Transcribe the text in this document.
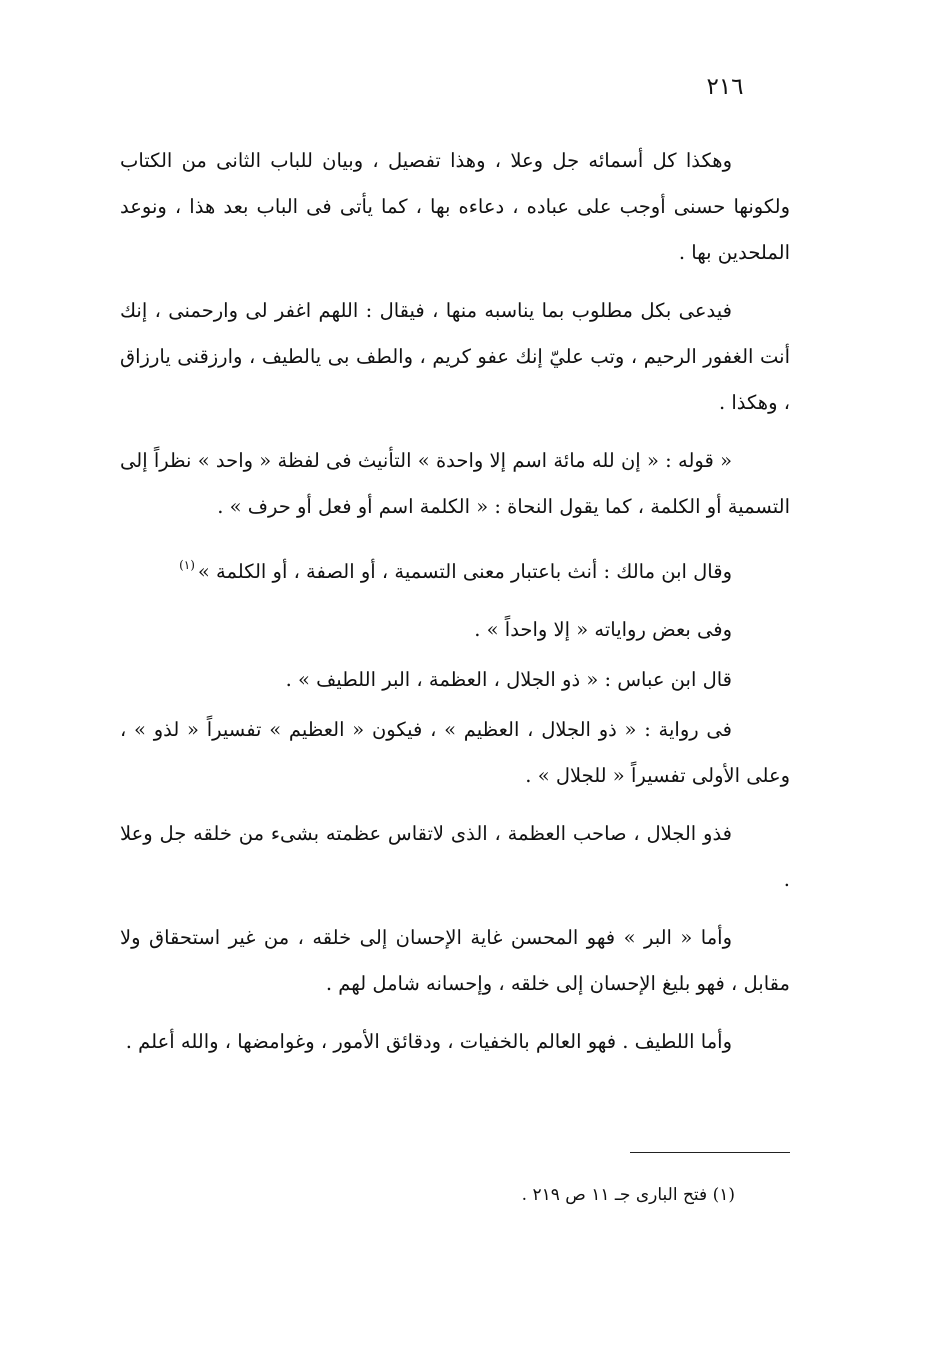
٢١٦

وهكذا كل أسمائه جل وعلا ، وهذا تفصيل ، وبيان للباب الثانى من الكتاب ولكونها حسنى أوجب على عباده ، دعاءه بها ، كما يأتى فى الباب بعد هذا ، ونوعد الملحدين بها .

فيدعى بكل مطلوب بما يناسبه منها ، فيقال : اللهم اغفر لى وارحمنى ، إنك أنت الغفور الرحيم ، وتب عليّ إنك عفو كريم ، والطف بى يالطيف ، وارزقنى يارزاق ، وهكذا .

« قوله : « إن لله مائة اسم إلا واحدة » التأنيث فى لفظة « واحد » نظراً إلى التسمية أو الكلمة ، كما يقول النحاة : « الكلمة اسم أو فعل أو حرف » .

وقال ابن مالك : أنث باعتبار معنى التسمية ، أو الصفة ، أو الكلمة »$^{(١)}$

وفى بعض رواياته « إلا واحداً » .

قال ابن عباس : « ذو الجلال ، العظمة ، البر اللطيف » .

فى رواية : « ذو الجلال ، العظيم » ، فيكون « العظيم » تفسيراً « لذو » ، وعلى الأولى تفسيراً « للجلال » .

فذو الجلال ، صاحب العظمة ، الذى لاتقاس عظمته بشىء من خلقه جل وعلا .

وأما « البر » فهو المحسن غاية الإحسان إلى خلقه ، من غير استحقاق ولا مقابل ، فهو بليغ الإحسان إلى خلقه ، وإحسانه شامل لهم .

وأما اللطيف . فهو العالم بالخفيات ، ودقائق الأمور ، وغوامضها ، والله أعلم .

(١) فتح البارى جـ ١١ ص ٢١٩ .
